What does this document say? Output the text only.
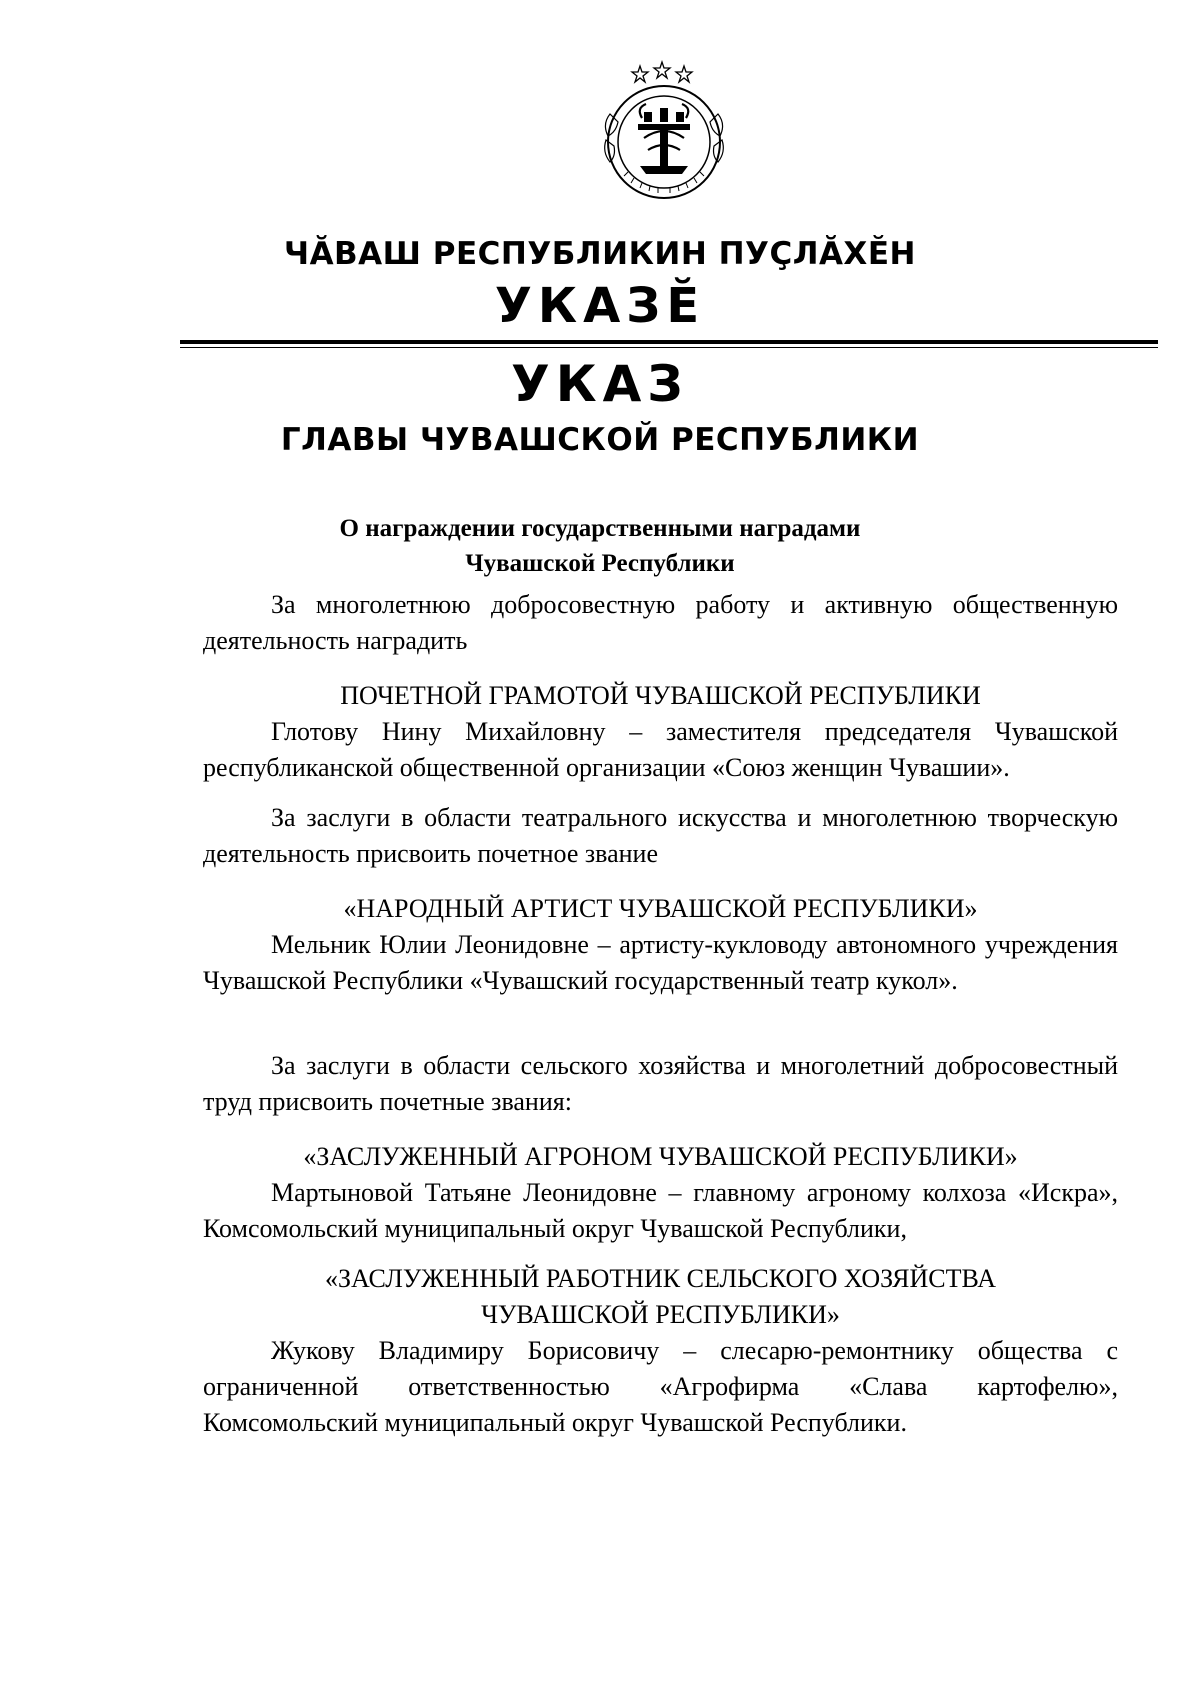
ЧĂВАШ РЕСПУБЛИКИН ПУҪЛĂХĔН
УКАЗĔ
УКАЗ
ГЛАВЫ ЧУВАШСКОЙ РЕСПУБЛИКИ
О награждении государственными наградами
Чувашской Республики

За многолетнюю добросовестную работу и активную общественную деятельность наградить

ПОЧЕТНОЙ ГРАМОТОЙ ЧУВАШСКОЙ РЕСПУБЛИКИ

Глотову Нину Михайловну – заместителя председателя Чувашской республиканской общественной организации «Союз женщин Чувашии».

За заслуги в области театрального искусства и многолетнюю творческую деятельность присвоить почетное звание

«НАРОДНЫЙ АРТИСТ ЧУВАШСКОЙ РЕСПУБЛИКИ»

Мельник Юлии Леонидовне – артисту-кукловоду автономного учреждения Чувашской Республики «Чувашский государственный театр кукол».

За заслуги в области сельского хозяйства и многолетний добросовестный труд присвоить почетные звания:

«ЗАСЛУЖЕННЫЙ АГРОНОМ ЧУВАШСКОЙ РЕСПУБЛИКИ»

Мартыновой Татьяне Леонидовне – главному агроному колхоза «Искра», Комсомольский муниципальный округ Чувашской Республики,

«ЗАСЛУЖЕННЫЙ РАБОТНИК СЕЛЬСКОГО ХОЗЯЙСТВА

ЧУВАШСКОЙ РЕСПУБЛИКИ»

Жукову Владимиру Борисовичу – слесарю-ремонтнику общества с ограниченной ответственностью «Агрофирма «Слава картофелю», Комсомольский муниципальный округ Чувашской Республики.
